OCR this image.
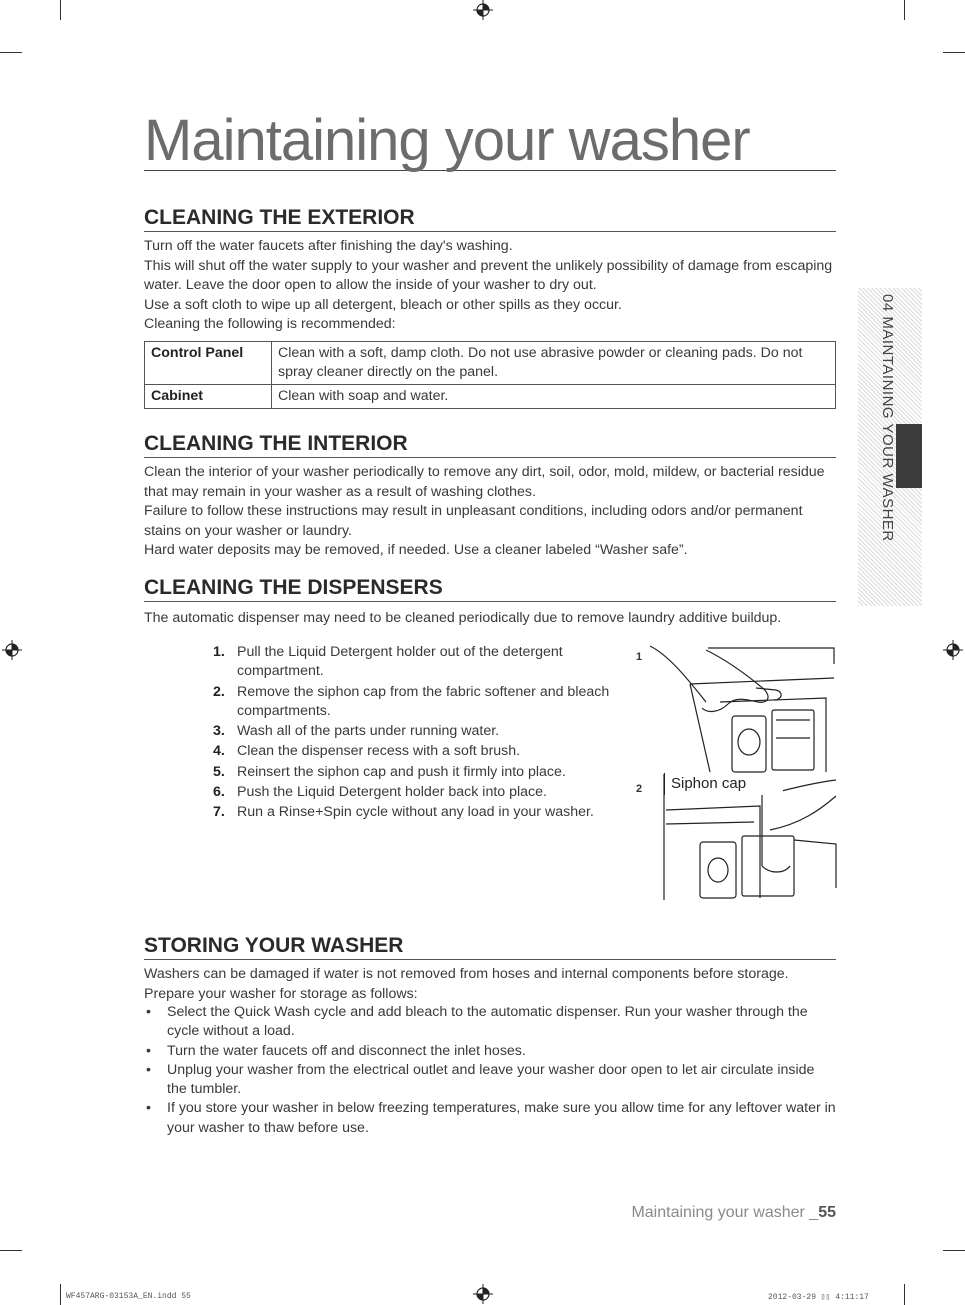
04 MAINTAINING YOUR WASHER
Maintaining your washer
CLEANING THE EXTERIOR

Turn off the water faucets after finishing the day's washing.

This will shut off the water supply to your washer and prevent the unlikely possibility of damage from escaping water. Leave the door open to allow the inside of your washer to dry out.

Use a soft cloth to wipe up all detergent, bleach or other spills as they occur.

Cleaning the following is recommended:

Control Panel	Clean with a soft, damp cloth. Do not use abrasive powder or cleaning pads. Do not spray cleaner directly on the panel.
Cabinet	Clean with soap and water.
CLEANING THE INTERIOR

Clean the interior of your washer periodically to remove any dirt, soil, odor, mold, mildew, or bacterial residue that may remain in your washer as a result of washing clothes.

Failure to follow these instructions may result in unpleasant conditions, including odors and/or permanent stains on your washer or laundry.

Hard water deposits may be removed, if needed. Use a cleaner labeled “Washer safe”.

CLEANING THE DISPENSERS
The automatic dispenser may need to be cleaned periodically due to remove laundry additive buildup.
1. Pull the Liquid Detergent holder out of the detergent compartment.
2. Remove the siphon cap from the fabric softener and bleach compartments.
3. Wash all of the parts under running water.
4. Clean the dispenser recess with a soft brush.
5. Reinsert the siphon cap and push it firmly into place.
6. Push the Liquid Detergent holder back into place.
7. Run a Rinse+Spin cycle without any load in your washer.
1
2	Siphon cap
STORING YOUR WASHER

Washers can be damaged if water is not removed from hoses and internal components before storage.

Prepare your washer for storage as follows:

• Select the Quick Wash cycle and add bleach to the automatic dispenser. Run your washer through the cycle without a load.
• Turn the water faucets off and disconnect the inlet hoses.
• Unplug your washer from the electrical outlet and leave your washer door open to let air circulate inside the tumbler.
• If you store your washer in below freezing temperatures, make sure you allow time for any leftover water in your washer to thaw before use.
Maintaining your washer _55
WF457ARG-03153A_EN.indd 55	2012-03-29 ▯▯ 4:11:17
